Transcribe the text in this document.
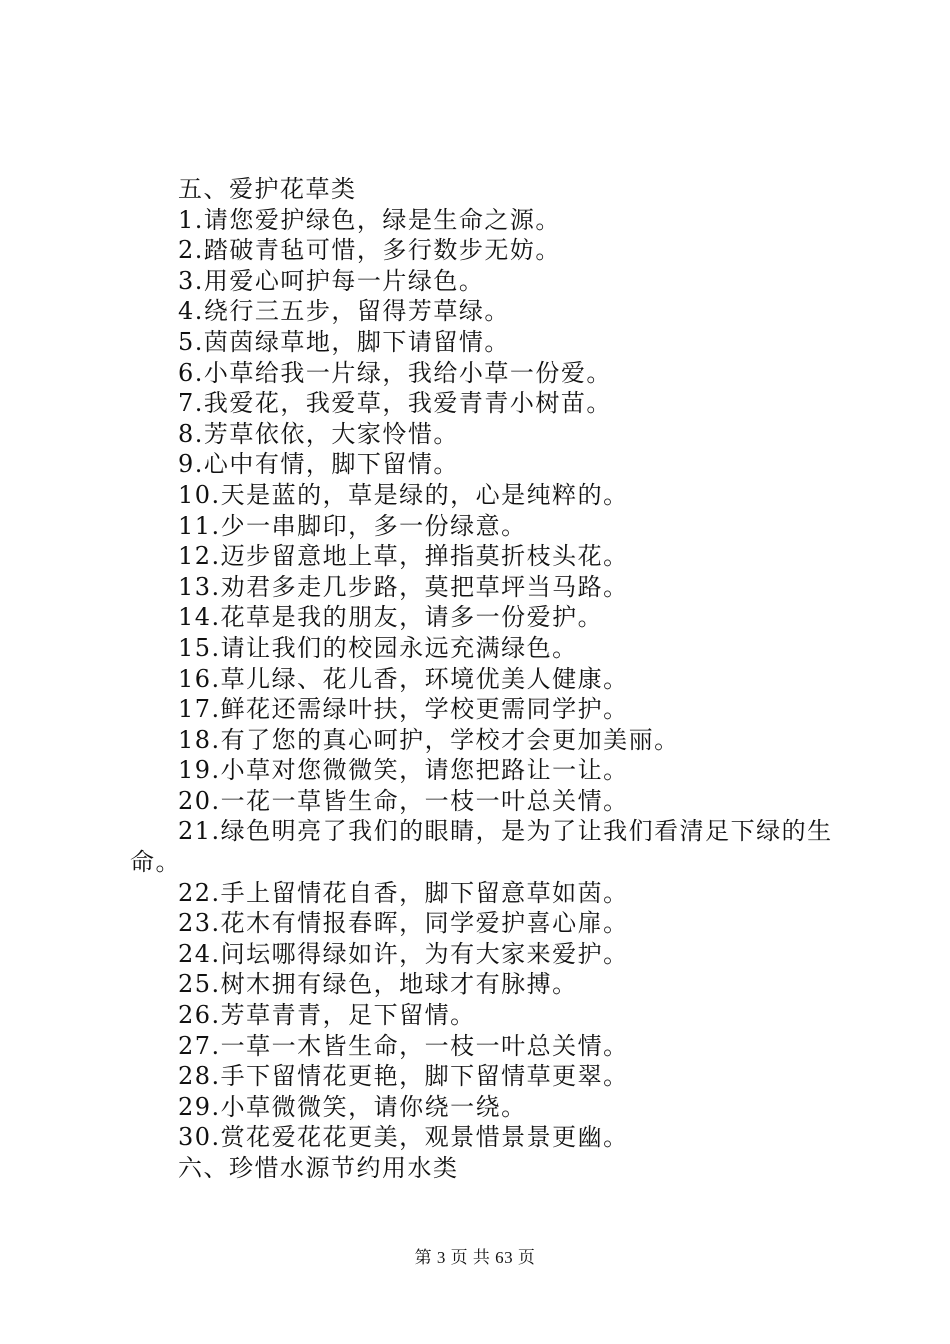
五、爱护花草类
1.请您爱护绿色，绿是生命之源。
2.踏破青毡可惜，多行数步无妨。
3.用爱心呵护每一片绿色。
4.绕行三五步，留得芳草绿。
5.茵茵绿草地，脚下请留情。
6.小草给我一片绿，我给小草一份爱。
7.我爱花，我爱草，我爱青青小树苗。
8.芳草依依，大家怜惜。
9.心中有情，脚下留情。
10.天是蓝的，草是绿的，心是纯粹的。
11.少一串脚印，多一份绿意。
12.迈步留意地上草，掸指莫折枝头花。
13.劝君多走几步路，莫把草坪当马路。
14.花草是我的朋友，请多一份爱护。
15.请让我们的校园永远充满绿色。
16.草儿绿、花儿香，环境优美人健康。
17.鲜花还需绿叶扶，学校更需同学护。
18.有了您的真心呵护，学校才会更加美丽。
19.小草对您微微笑，请您把路让一让。
20.一花一草皆生命，一枝一叶总关情。
21.绿色明亮了我们的眼睛，是为了让我们看清足下绿的生
命。
22.手上留情花自香，脚下留意草如茵。
23.花木有情报春晖，同学爱护喜心扉。
24.问坛哪得绿如许，为有大家来爱护。
25.树木拥有绿色，地球才有脉搏。
26.芳草青青，足下留情。
27.一草一木皆生命，一枝一叶总关情。
28.手下留情花更艳，脚下留情草更翠。
29.小草微微笑，请你绕一绕。
30.赏花爱花花更美，观景惜景景更幽。
六、珍惜水源节约用水类
第 3 页 共 63 页
